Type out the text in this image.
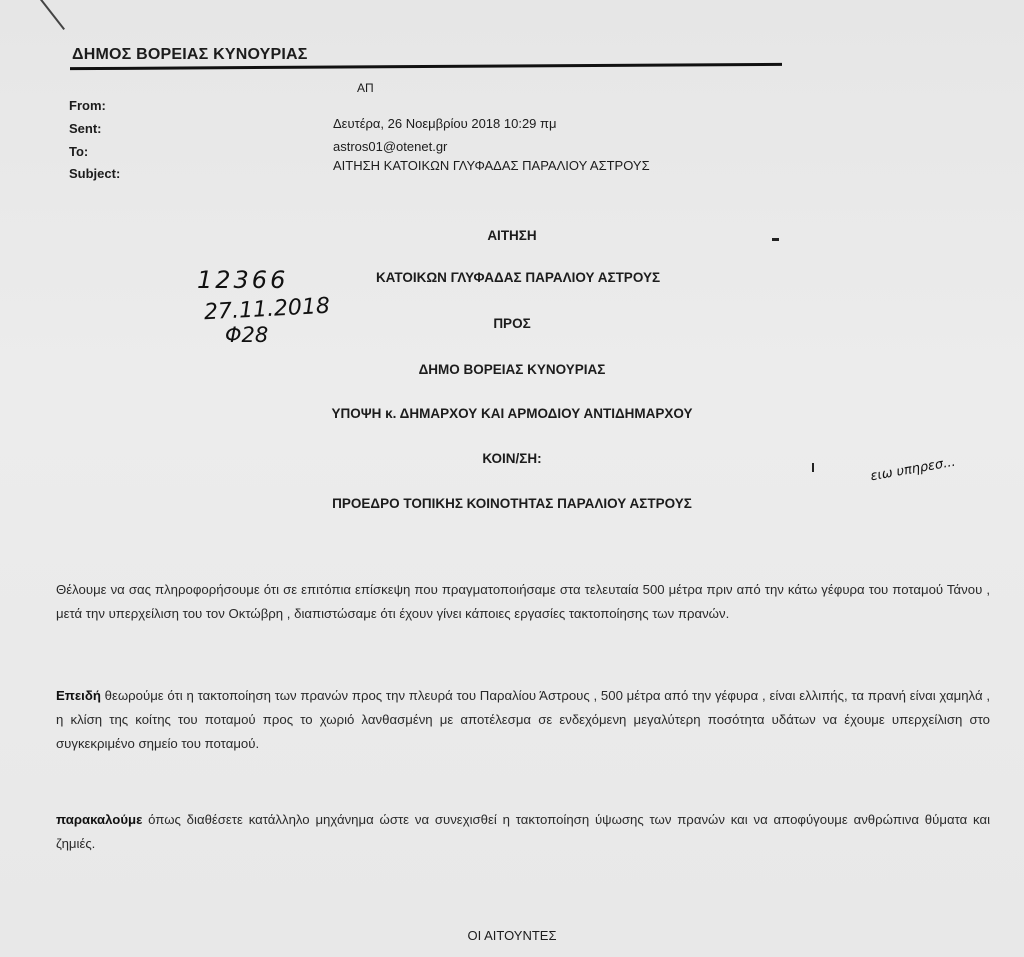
ΔΗΜΟΣ ΒΟΡΕΙΑΣ ΚΥΝΟΥΡΙΑΣ
From:
ΑΠ
Sent:	Δευτέρα, 26 Νοεμβρίου 2018 10:29 πμ
To:	astros01@otenet.gr
Subject:
ΑΙΤΗΣΗ ΚΑΤΟΙΚΩΝ ΓΛΥΦΑΔΑΣ ΠΑΡΑΛΙΟΥ ΑΣΤΡΟΥΣ
ΑΙΤΗΣΗ
ΚΑΤΟΙΚΩΝ ΓΛΥΦΑΔΑΣ ΠΑΡΑΛΙΟΥ ΑΣΤΡΟΥΣ
12366
27.11.2018
Φ28	ΠΡΟΣ
ΔΗΜΟ ΒΟΡΕΙΑΣ ΚΥΝΟΥΡΙΑΣ
ΥΠΟΨΗ κ. ΔΗΜΑΡΧΟΥ ΚΑΙ ΑΡΜΟΔΙΟΥ ΑΝΤΙΔΗΜΑΡΧΟΥ
ΚΟΙΝ/ΣΗ:	ειω υπηρεσ...
ΠΡΟΕΔΡΟ ΤΟΠΙΚΗΣ ΚΟΙΝΟΤΗΤΑΣ ΠΑΡΑΛΙΟΥ ΑΣΤΡΟΥΣ
Θέλουμε να σας πληροφορήσουμε ότι σε επιτόπια επίσκεψη που πραγματοποιήσαμε στα τελευταία 500 μέτρα πριν από την κάτω γέφυρα του ποταμού Τάνου , μετά την υπερχείλιση του τον Οκτώβρη , διαπιστώσαμε ότι έχουν γίνει κάποιες εργασίες τακτοποίησης των πρανών.
Επειδή θεωρούμε ότι η τακτοποίηση των πρανών προς την πλευρά του Παραλίου Άστρους , 500 μέτρα από την γέφυρα , είναι ελλιπής, τα πρανή είναι χαμηλά , η κλίση της κοίτης του ποταμού προς το χωριό λανθασμένη με αποτέλεσμα σε ενδεχόμενη μεγαλύτερη ποσότητα υδάτων να έχουμε υπερχείλιση στο συγκεκριμένο σημείο του ποταμού.
παρακαλούμε όπως διαθέσετε κατάλληλο μηχάνημα ώστε να συνεχισθεί η τακτοποίηση ύψωσης των πρανών και να αποφύγουμε ανθρώπινα θύματα και ζημιές.
ΟΙ ΑΙΤΟΥΝΤΕΣ
